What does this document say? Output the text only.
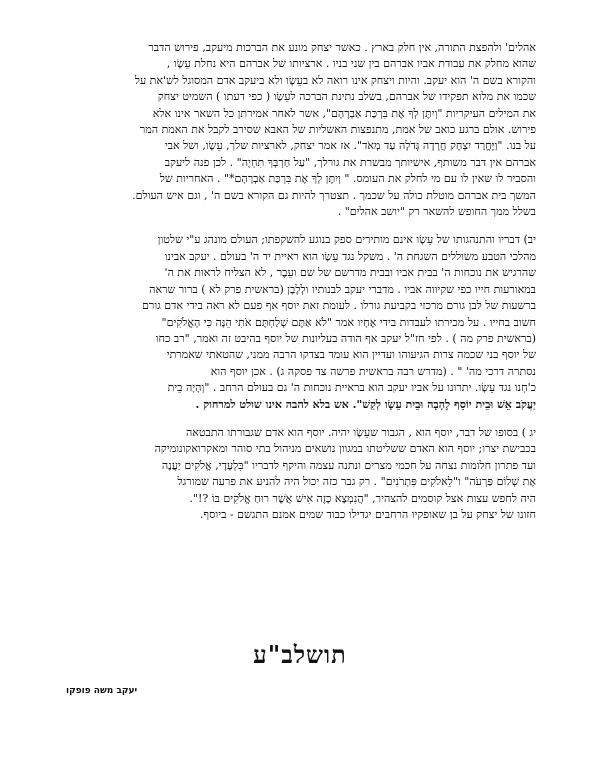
אהלים' ולהפצת התורה, אין חלק בארץ . כאשר יצחק מונע את הברכות מיעקב, פירוש הדבר
שהוא מחלק את עבודת אביו אברהם בין שני בניו . ארציותו של אברהם היא נחלת עֵשָׂו ,
והקורא בשם ה' הוא יעקב. והיות ויצחק אינו רואה לא בעֵשָׂו ולא ביעקב אדם המסוגל לש'את על
שכמו את מלוא תפקידו של אברהם, בשלב נתינת הברכה לעֵשָׂו ( כפי דעתו ) השמיט יצחק
את המילים העיקריות "וְיִתֶּן לְךָ אֶת בִּרְכַּת אַבְרָהָם", אשר לאחר אמירתן כל השאר אינו אלא
פירוש. אולם ברגע כואב של אמת, מתנפצות האשליות של האבא שסירב לקבל את האמת המר
על בנו. "וַיֶּחֱרַד יִצְחָק חֲרָדָה גְּדֹלָה עַד מְאֹד". אז אמר יצחק, לארציות שלך, עֵשָׂו, ושל אבי
אברהם אין דבר משותף, אישיותך מבשרת את גורלך, "עַל חַרְבְּךָ תִחְיֶה" . לכן פנה ליעקב
והסביר לו שאין לו עם מי לחלק את העומס. " וְיִתֶּן לְךָ אֶת בִּרְכַּת אַבְרָהָם*" . האחריות של
המשך בית אברהם מוטלת כולה על שכמך . תצטרך להיות גם הקורא בשם ה' , וגם איש העולם.
בשלל ממך החופש להשאר רק "יושב אהלים" .

יב) דבריו והתנהגותו של עֵשָׂו אינם מותירים ספק בנוגע להשקפתו; העולם מונהג ע"י שלטון
מהלכי הטבע משוללים השגחת ה' . משקל נגד עֵשָׂו הוא ראיית יד ה' בעולם . יעקב אבינו
שהרגיש את נוכחות ה' בבית אביו ובבית מדרשם של שם ועֵבֶר , לא הצליח לראות את ה'
במאורעות חייו כפי שקיווה אביו . מדברי יעקב לבנותיו ולְלָבָן (בראשית פרק לא ) ברור שראה
ברשעות של לבן גורם מרכזי בקביעת גורלו . לעומת זאת יוסף אף פעם לא ראה בידי אדם גורם
חשוב בחייו . על מכירתו לעבדות בידי אֶחָיו אמר "לֹא אַתֶּם שְׁלַחְתֶּם אֹתִי הֵנָּה כִּי הָאֱלֹקִים"
(בראשית פרק מה ) . לפי חז"ל יעקב אף הודה בעליונות של יוסף בהיבט זה ואמר, "רב כחו
של יוסף בני שכמה צרות הגיעוהו ועדיין הוא עומד בצדקו הרבה ממני, שהטאתי שאמרתי
נסתרה דרכי מה' " . (מדרש רבה בראשית פרשה צד פסקה ג) . אכן יוסף הוא
כ'חְנו נגד עֵשָׂו. יתרונו על אביו יעקב הוא בראיית נוכחות ה' גם בעולם הרחב . "וְהָיָה בֵית
יַעֲקֹב אֵשׁ וּבֵית יוֹסֵף לֶהָבָה וּבֵית עֵשָׂו לְקַשׁ". אש בלא להבה אינו שולט למרחוק .

יג ) בסופו של דבר, יוסף הוא , הגבור שעֵשָׂו יהיה. יוסף הוא אדם שגבורתו התבטאה
בכבישת יצרו; יוסף הוא האדם ששליטתו במגוון נושאים מניהול בתי סוהר ומאקרואקונומיקה
ועד פתרון חלומות נצחה על חכמי מצרים ונתנה עצמה והיקף לדבריו "בִּלְעָדָי, אֱלֹקִים יַעֲנֶה
אֶת שְׁלוֹם פַּרְעֹה" ו"לֵאלֹקִים פִּתְרֹנִים" . רק גבר כזה יכול היה להניע את פרעה שמורגל
היה לחפש עצות אצל קוסמים להצהיר, "הֲנִמְצָא כָזֶה אִישׁ אֲשֶׁר רוּחַ אֱלֹקִים בּוֹ ?!".
חזונו של יצחק על בן שאופקיו הרחבים יגדילו כבוד שמים אמנם התגשם - ביוסף.

תושלב"ע
יעקב משה פופקו
